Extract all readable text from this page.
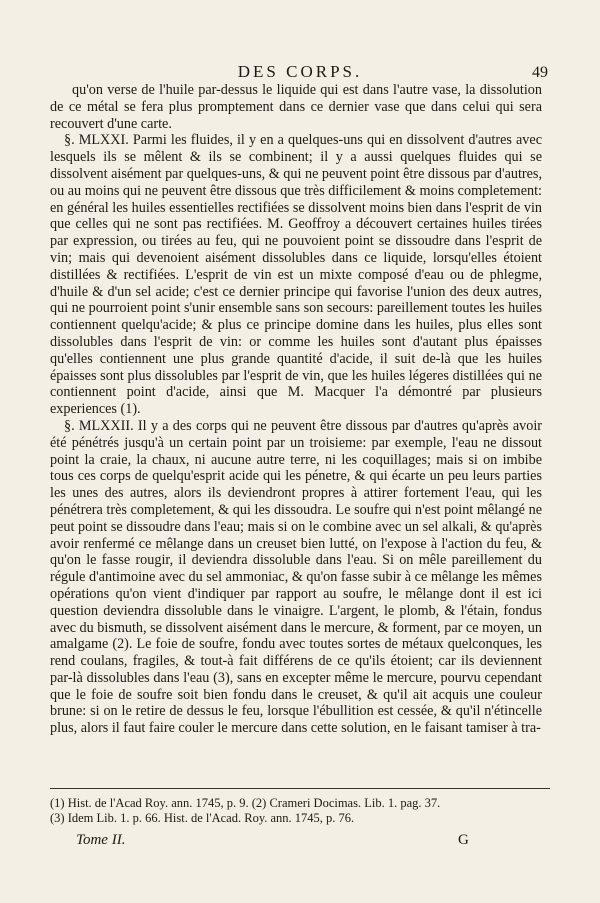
DES CORPS.	49

qu'on verse de l'huile par-dessus le liquide qui est dans l'autre vase, la dissolution de ce métal se fera plus promptement dans ce dernier vase que dans celui qui sera recouvert d'une carte.

§. MLXXI. Parmi les fluides, il y en a quelques-uns qui en dissolvent d'autres avec lesquels ils se mêlent & ils se combinent; il y a aussi quelques fluides qui se dissolvent aisément par quelques-uns, & qui ne peuvent point être dissous par d'autres, ou au moins qui ne peuvent être dissous que très difficilement & moins completement: en général les huiles essentielles rectifiées se dissolvent moins bien dans l'esprit de vin que celles qui ne sont pas rectifiées. M. Geoffroy a découvert certaines huiles tirées par expression, ou tirées au feu, qui ne pouvoient point se dissoudre dans l'esprit de vin; mais qui devenoient aisément dissolubles dans ce liquide, lorsqu'elles étoient distillées & rectifiées. L'esprit de vin est un mixte composé d'eau ou de phlegme, d'huile & d'un sel acide; c'est ce dernier principe qui favorise l'union des deux autres, qui ne pourroient point s'unir ensemble sans son secours: pareillement toutes les huiles contiennent quelqu'acide; & plus ce principe domine dans les huiles, plus elles sont dissolubles dans l'esprit de vin: or comme les huiles sont d'autant plus épaisses qu'elles contiennent une plus grande quantité d'acide, il suit de-là que les huiles épaisses sont plus dissolubles par l'esprit de vin, que les huiles légeres distillées qui ne contiennent point d'acide, ainsi que M. Macquer l'a démontré par plusieurs experiences (1).

§. MLXXII. Il y a des corps qui ne peuvent être dissous par d'autres qu'après avoir été pénétrés jusqu'à un certain point par un troisieme: par exemple, l'eau ne dissout point la craie, la chaux, ni aucune autre terre, ni les coquillages; mais si on imbibe tous ces corps de quelqu'esprit acide qui les pénetre, & qui écarte un peu leurs parties les unes des autres, alors ils deviendront propres à attirer fortement l'eau, qui les pénétrera très completement, & qui les dissoudra. Le soufre qui n'est point mêlangé ne peut point se dissoudre dans l'eau; mais si on le combine avec un sel alkali, & qu'après avoir renfermé ce mêlange dans un creuset bien lutté, on l'expose à l'action du feu, & qu'on le fasse rougir, il deviendra dissoluble dans l'eau. Si on mêle pareillement du régule d'antimoine avec du sel ammoniac, & qu'on fasse subir à ce mêlange les mêmes opérations qu'on vient d'indiquer par rapport au soufre, le mêlange dont il est ici question deviendra dissoluble dans le vinaigre. L'argent, le plomb, & l'étain, fondus avec du bismuth, se dissolvent aisément dans le mercure, & forment, par ce moyen, un amalgame (2). Le foie de soufre, fondu avec toutes sortes de métaux quelconques, les rend coulans, fragiles, & tout-à fait différens de ce qu'ils étoient; car ils deviennent par-là dissolubles dans l'eau (3), sans en excepter même le mercure, pourvu cependant que le foie de soufre soit bien fondu dans le creuset, & qu'il ait acquis une couleur brune: si on le retire de dessus le feu, lorsque l'ébullition est cessée, & qu'il n'étincelle plus, alors il faut faire couler le mercure dans cette solution, en le faisant tamiser à tra-

(1) Hist. de l'Acad Roy. ann. 1745, p. 9. (2) Crameri Docimas. Lib. 1. pag. 37.
(3) Idem Lib. 1. p. 66. Hist. de l'Acad. Roy. ann. 1745, p. 76.
Tome II.	G
